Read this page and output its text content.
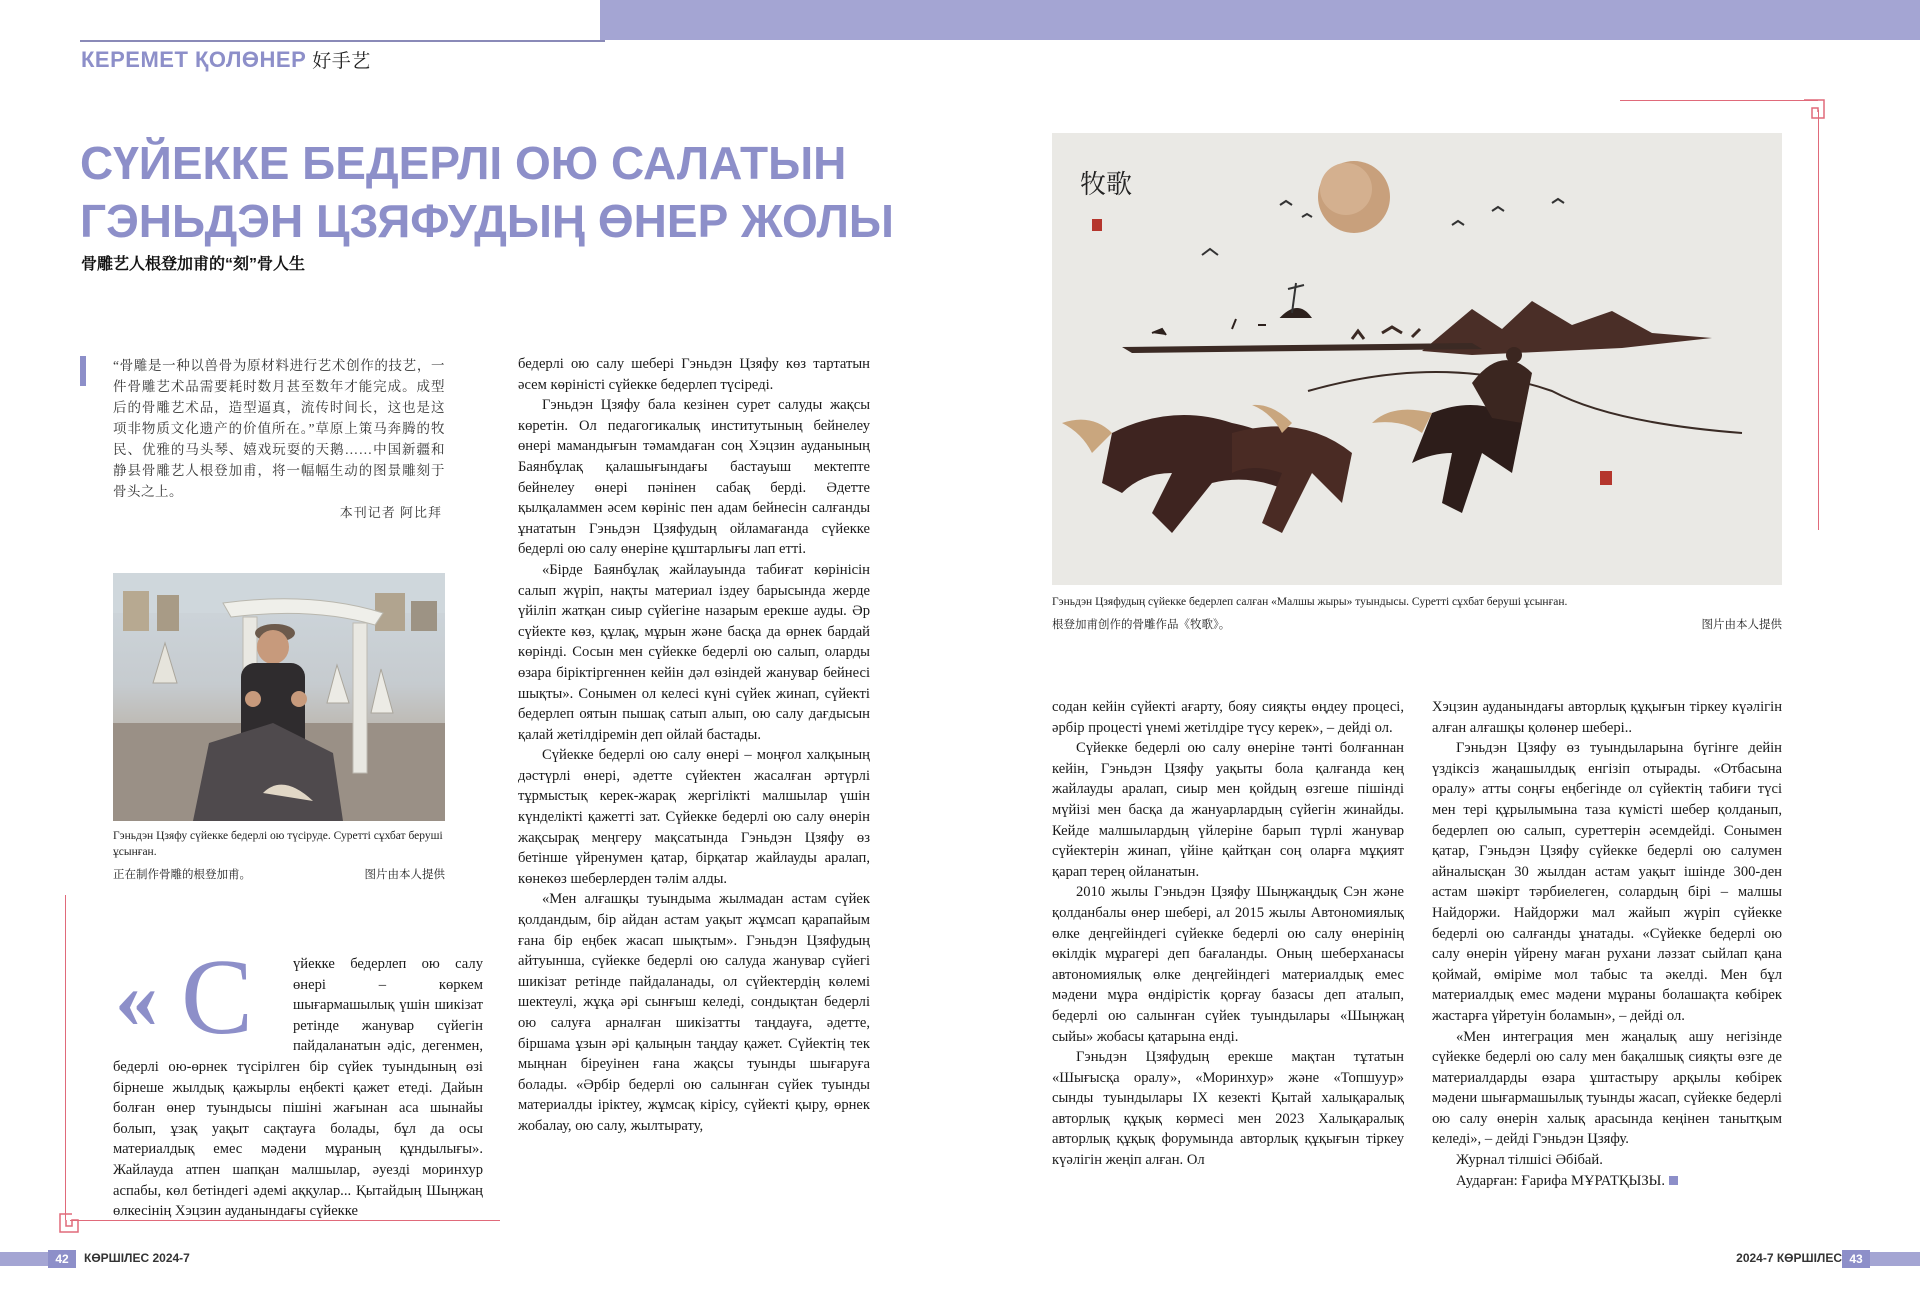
КЕРЕМЕТ ҚОЛӨНЕР 好手艺
СҮЙЕККЕ БЕДЕРЛІ ОЮ САЛАТЫН
ГЭНЬДЭН ЦЗЯФУДЫҢ ӨНЕР ЖОЛЫ
骨雕艺人根登加甫的“刻”骨人生
“骨雕是一种以兽骨为原材料进行艺术创作的技艺，一件骨雕艺术品需要耗时数月甚至数年才能完成。成型后的骨雕艺术品，造型逼真，流传时间长，这也是这项非物质文化遗产的价值所在。”草原上策马奔腾的牧民、优雅的马头琴、嬉戏玩耍的天鹅……中国新疆和静县骨雕艺人根登加甫，将一幅幅生动的图景雕刻于骨头之上。
本刊记者 阿比拜
Гэньдэн Цзяфу сүйекке бедерлі ою түсіруде. Суретті сұхбат беруші ұсынған.
正在制作骨雕的根登加甫。	图片由本人提供
« С	үйекке бедерлеп ою салу өнері – көркем шығармашылық үшін шикізат ретінде жанувар сүйегін пайдаланатын әдіс, дегенмен, бедерлі ою-өрнек түсірілген бір сүйек туындының өзі бірнеше жылдық қажырлы еңбекті қажет етеді. Дайын болған өнер туындысы пішіні жағынан аса шынайы болып, ұзақ уақыт сақтауға болады, бұл да осы материалдық емес мәдени мұраның құндылығы». Жайлауда атпен шапқан малшылар, әуезді моринхур аспабы, көл бетіндегі әдемі аққулар... Қытайдың Шыңжаң өлкесінің Хэцзин ауданындағы сүйекке

бедерлі ою салу шебері Гэньдэн Цзяфу көз тартатын әсем көріністі сүйекке бедерлеп түсіреді.

Гэньдэн Цзяфу бала кезінен сурет салуды жақсы көретін. Ол педагогикалық институтының бейнелеу өнері мамандығын тәмамдаған соң Хэцзин ауданының Баянбұлақ қалашығындағы бастауыш мектепте бейнелеу өнері пәнінен сабақ берді. Әдетте қылқаламмен әсем көрініс пен адам бейнесін салғанды ұнататын Гэньдэн Цзяфудың ойламағанда сүйекке бедерлі ою салу өнеріне құштарлығы лап етті.

«Бірде Баянбұлақ жайлауында табиғат көрінісін салып жүріп, нақты материал іздеу барысында жерде үйіліп жатқан сиыр сүйегіне назарым ерекше ауды. Әр сүйекте көз, құлақ, мұрын және басқа да өрнек бардай көрінді. Сосын мен сүйекке бедерлі ою салып, оларды өзара біріктіргеннен кейін дәл өзіндей жанувар бейнесі шықты». Сонымен ол келесі күні сүйек жинап, сүйекті бедерлеп оятын пышақ сатып алып, ою салу дағдысын қалай жетілдіремін деп ойлай бастады.

Сүйекке бедерлі ою салу өнері – моңғол халқының дәстүрлі өнері, әдетте сүйектен жасалған әртүрлі тұрмыстық керек-жарақ жергілікті малшылар үшін күнделікті қажетті зат. Сүйекке бедерлі ою салу өнерін жақсырақ меңгеру мақсатында Гэньдэн Цзяфу өз бетінше үйренумен қатар, бірқатар жайлауды аралап, көнекөз шеберлерден тәлім алды.

«Мен алғашқы туындыма жылмадан астам сүйек қолдандым, бір айдан астам уақыт жұмсап қарапайым ғана бір еңбек жасап шықтым». Гэньдэн Цзяфудың айтуынша, сүйекке бедерлі ою салуда жанувар сүйегі шикізат ретінде пайдаланады, ол сүйектердің көлемі шектеулі, жұқа әрі сынғыш келеді, сондықтан бедерлі ою салуға арналған шикізатты таңдауға, әдетте, біршама ұзын әрі қалыңын таңдау қажет. Сүйектің тек мыңнан біреуінен ғана жақсы туынды шығаруға болады. «Әрбір бедерлі ою салынған сүйек туынды материалды іріктеу, жұмсақ кірісу, сүйекті қыру, өрнек жобалау, ою салу, жылтырату,

牧歌
Гэньдэн Цзяфудың сүйекке бедерлеп салған «Малшы жыры» туындысы. Суретті сұхбат беруші ұсынған.
根登加甫创作的骨雕作品《牧歌》。	图片由本人提供

содан кейін сүйекті ағарту, бояу сияқты өңдеу процесі, әрбір процесті үнемі жетілдіре түсу керек», – дейді ол.

Сүйекке бедерлі ою салу өнеріне тәнті болғаннан кейін, Гэньдэн Цзяфу уақыты бола қалғанда кең жайлауды аралап, сиыр мен қойдың өзгеше пішінді мүйізі мен басқа да жануарлардың сүйегін жинайды. Кейде малшылардың үйлеріне барып түрлі жанувар сүйектерін жинап, үйіне қайтқан соң оларға мұқият қарап терең ойланатын.

2010 жылы Гэньдэн Цзяфу Шыңжаңдық Сэн және қолданбалы өнер шебері, ал 2015 жылы Автономиялық өлке деңгейіндегі сүйекке бедерлі ою салу өнерінің өкілдік мұрагері деп бағаланды. Оның шеберханасы автономиялық өлке деңгейіндегі материалдық емес мәдени мұра өндірістік қорғау базасы деп аталып, бедерлі ою салынған сүйек туындылары «Шыңжаң сыйы» жобасы қатарына енді.

Гэньдэн Цзяфудың ерекше мақтан тұтатын «Шығысқа оралу», «Моринхур» және «Топшуур» сынды туындылары IX кезекті Қытай халықаралық авторлық құқық көрмесі мен 2023 Халықаралық авторлық құқық форумында авторлық құқығын тіркеу күәлігін жеңіп алған. Ол

Хэцзин ауданындағы авторлық құқығын тіркеу күәлігін алған алғашқы қолөнер шебері..

Гэньдэн Цзяфу өз туындыларына бүгінге дейін үздіксіз жаңашылдық енгізіп отырады. «Отбасына оралу» атты соңғы еңбегінде ол сүйектің табиғи түсі мен тері құрылымына таза күмісті шебер қолданып, бедерлеп ою салып, суреттерін әсемдейді. Сонымен қатар, Гэньдэн Цзяфу сүйекке бедерлі ою салумен айналысқан 30 жылдан астам уақыт ішінде 300-ден астам шәкірт тәрбиелеген, солардың бірі – малшы Найдоржи. Найдоржи мал жайып жүріп сүйекке бедерлі ою салғанды ұнатады. «Сүйекке бедерлі ою салу өнерін үйрену маған рухани ләззат сыйлап қана қоймай, өміріме мол табыс та әкелді. Мен бұл материалдық емес мәдени мұраны болашақта көбірек жастарға үйретуін боламын», – дейді ол.

«Мен интеграция мен жаңалық ашу негізінде сүйекке бедерлі ою салу мен бақалшық сияқты өзге де материалдарды өзара ұштастыру арқылы көбірек мәдени шығармашылық туынды жасап, сүйекке бедерлі ою салу өнерін халық арасында кеңінен танытқым келеді», – дейді Гэньдэн Цзяфу.

Журнал тілшісі Әбібай.

Аударған: Ғарифа МҰРАТҚЫЗЫ.

42	КӨРШІЛЕС 2024-7	2024-7 КӨРШІЛЕС 43
